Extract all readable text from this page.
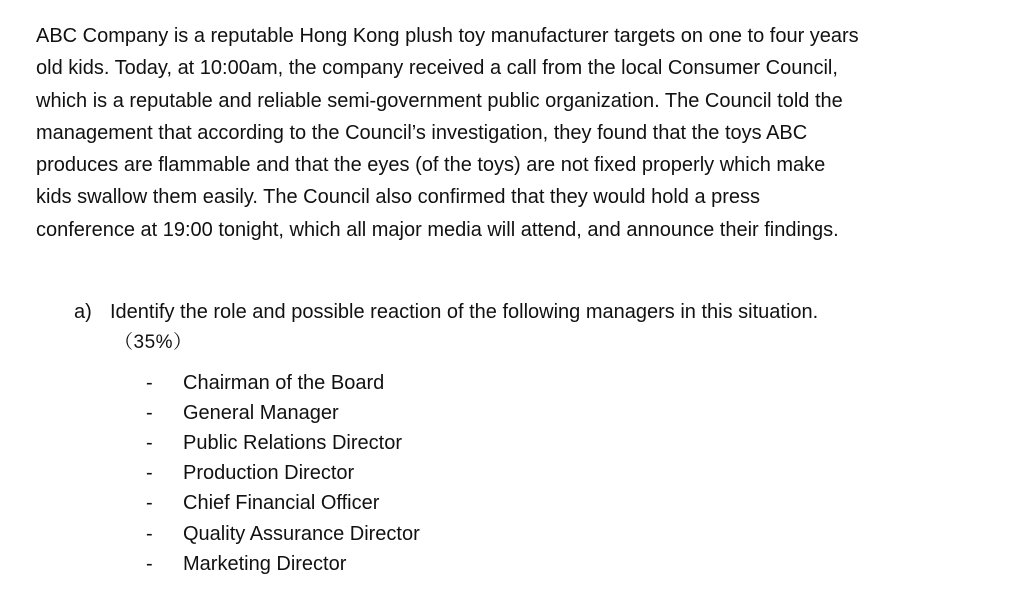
ABC Company is a reputable Hong Kong plush toy manufacturer targets on one to four years
old kids. Today, at 10:00am, the company received a call from the local Consumer Council,
which is a reputable and reliable semi-government public organization. The Council told the
management that according to the Council’s investigation, they found that the toys ABC
produces are flammable and that the eyes (of the toys) are not fixed properly which make
kids swallow them easily. The Council also confirmed that they would hold a press
conference at 19:00 tonight, which all major media will attend, and announce their findings.

a) Identify the role and possible reaction of the following managers in this situation.
（35%）
-	Chairman of the Board
-	General Manager
-	Public Relations Director
-	Production Director
-	Chief Financial Officer
-	Quality Assurance Director
-	Marketing Director
